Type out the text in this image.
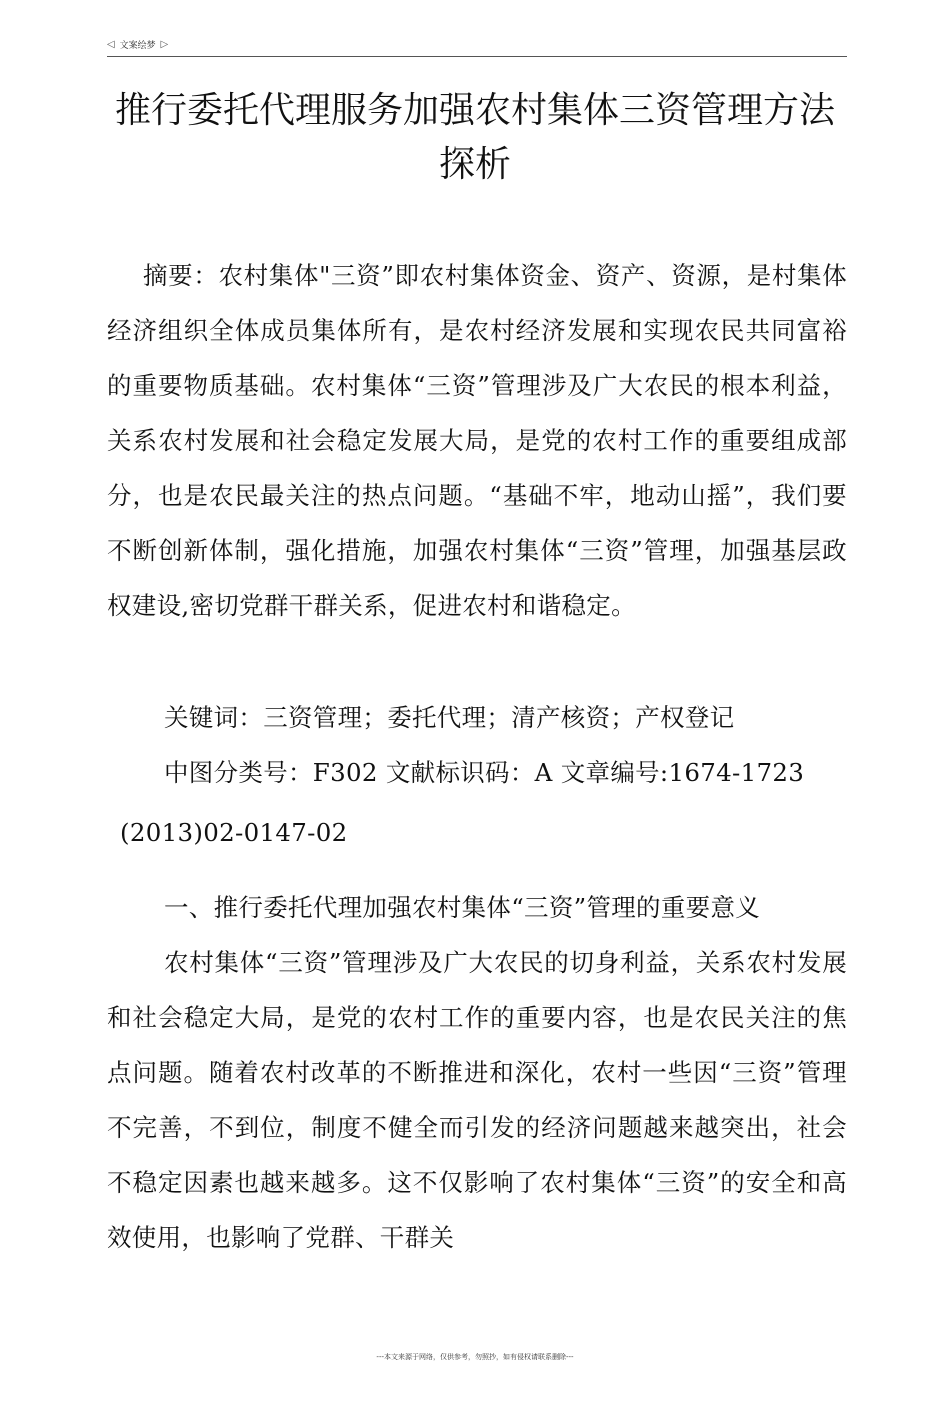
◁ 文案绘梦 ▷
推行委托代理服务加强农村集体三资管理方法探析

摘要：农村集体"三资”即农村集体资金、资产、资源，是村集体经济组织全体成员集体所有，是农村经济发展和实现农民共同富裕的重要物质基础。农村集体“三资”管理涉及广大农民的根本利益，关系农村发展和社会稳定发展大局，是党的农村工作的重要组成部分，也是农民最关注的热点问题。“基础不牢，地动山摇”，我们要不断创新体制，强化措施，加强农村集体“三资”管理，加强基层政权建设,密切党群干群关系，促进农村和谐稳定。

关键词：三资管理；委托代理；清产核资；产权登记

中图分类号：F302 文献标识码：A 文章编号:1674-1723

(2013)02-0147-02

一、推行委托代理加强农村集体“三资”管理的重要意义

农村集体“三资”管理涉及广大农民的切身利益，关系农村发展和社会稳定大局，是党的农村工作的重要内容，也是农民关注的焦点问题。随着农村改革的不断推进和深化，农村一些因“三资”管理不完善，不到位，制度不健全而引发的经济问题越来越突出，社会不稳定因素也越来越多。这不仅影响了农村集体“三资”的安全和高效使用，也影响了党群、干群关

---本文来源于网络，仅供参考，勿照抄，如有侵权请联系删除---
